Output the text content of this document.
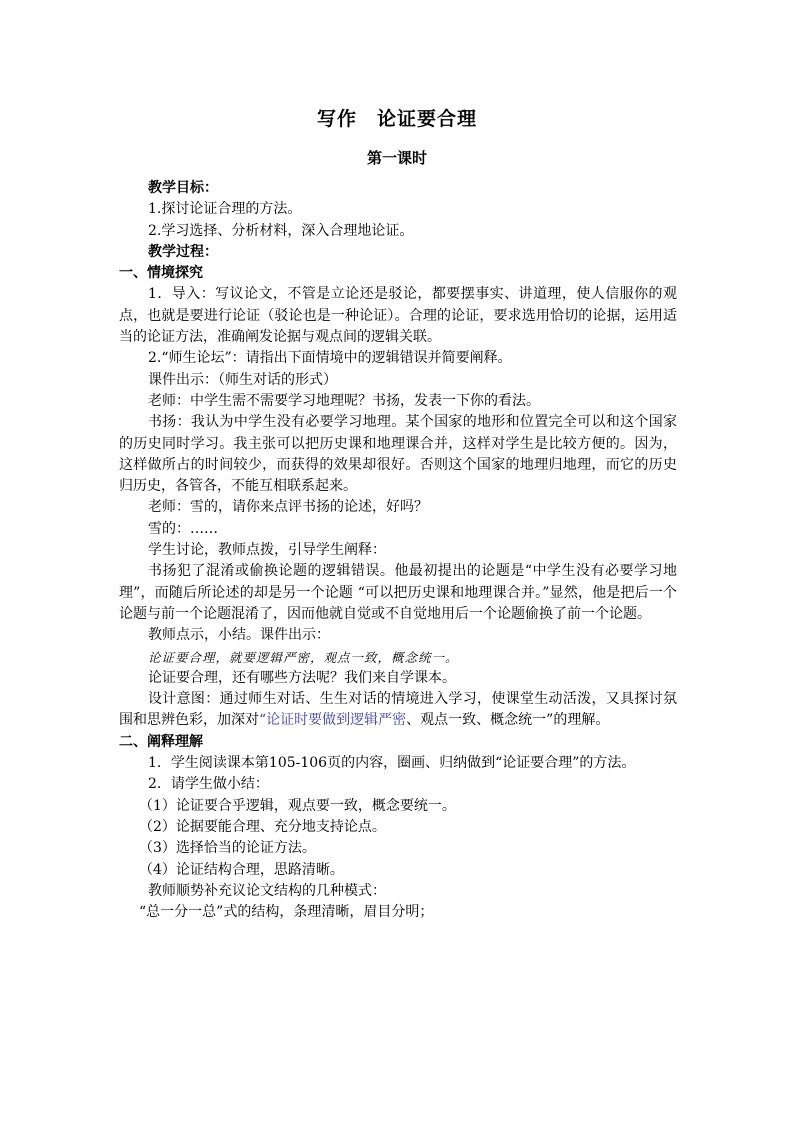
写作　论证要合理
第一课时

教学目标：

1.探讨论证合理的方法。

2.学习选择、分析材料，深入合理地论证。

教学过程：

一、情境探究

1．导入：写议论文，不管是立论还是驳论，都要摆事实、讲道理，使人信服你的观点，也就是要进行论证（驳论也是一种论证）。合理的论证，要求选用恰切的论据，运用适当的论证方法，准确阐发论据与观点间的逻辑关联。

2.“师生论坛”：请指出下面情境中的逻辑错误并简要阐释。

课件出示：（师生对话的形式）

老师：中学生需不需要学习地理呢？书扬，发表一下你的看法。

书扬：我认为中学生没有必要学习地理。某个国家的地形和位置完全可以和这个国家的历史同时学习。我主张可以把历史课和地理课合并，这样对学生是比较方便的。因为，这样做所占的时间较少，而获得的效果却很好。否则这个国家的地理归地理，而它的历史归历史，各管各，不能互相联系起来。

老师：雪的，请你来点评书扬的论述，好吗？

雪的：……

学生讨论，教师点拨，引导学生阐释：

书扬犯了混淆或偷换论题的逻辑错误。他最初提出的论题是“中学生没有必要学习地理”，而随后所论述的却是另一个论题 “可以把历史课和地理课合并。”显然，他是把后一个论题与前一个论题混淆了，因而他就自觉或不自觉地用后一个论题偷换了前一个论题。

教师点示，小结。课件出示：

论证要合理，就要逻辑严密，观点一致，概念统一。

论证要合理，还有哪些方法呢？我们来自学课本。

设计意图：通过师生对话、生生对话的情境进入学习，使课堂生动活泼，又具探讨氛围和思辨色彩，加深对“论证时要做到逻辑严密、观点一致、概念统一”的理解。

二、阐释理解

1．学生阅读课本第105-106页的内容，圈画、归纳做到“论证要合理”的方法。

2．请学生做小结：

（1）论证要合乎逻辑，观点要一致，概念要统一。

（2）论据要能合理、充分地支持论点。

（3）选择恰当的论证方法。

（4）论证结构合理，思路清晰。

教师顺势补充议论文结构的几种模式：

“总一分一总”式的结构，条理清晰，眉目分明；
